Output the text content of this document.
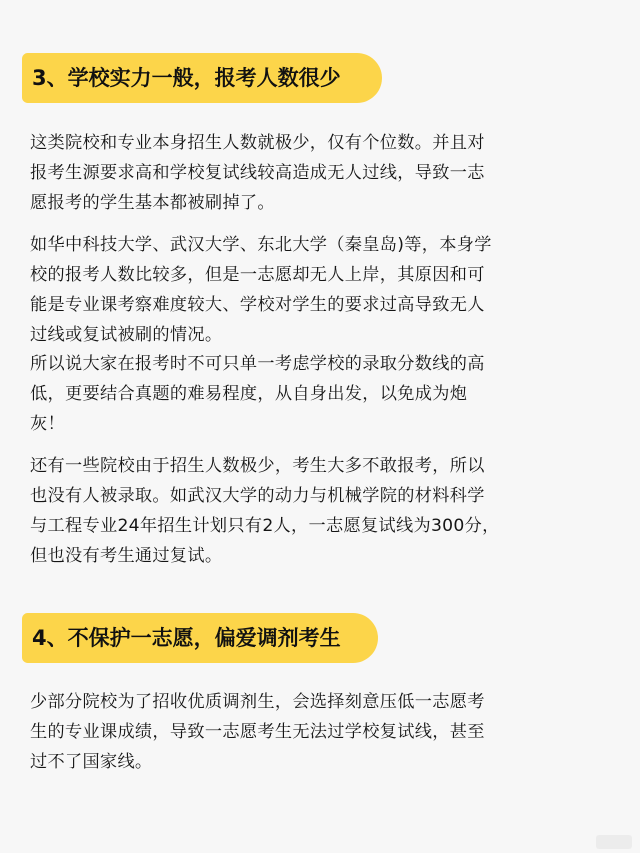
3、学校实力一般，报考人数很少
这类院校和专业本身招生人数就极少，仅有个位数。并且对
报考生源要求高和学校复试线较高造成无人过线，导致一志
愿报考的学生基本都被刷掉了。
如华中科技大学、武汉大学、东北大学（秦皇岛)等，本身学
校的报考人数比较多，但是一志愿却无人上岸，其原因和可
能是专业课考察难度较大、学校对学生的要求过高导致无人
过线或复试被刷的情况。
所以说大家在报考时不可只单一考虑学校的录取分数线的高
低，更要结合真题的难易程度，从自身出发，以免成为炮
灰！
还有一些院校由于招生人数极少，考生大多不敢报考，所以
也没有人被录取。如武汉大学的动力与机械学院的材料科学
与工程专业24年招生计划只有2人，一志愿复试线为300分，
但也没有考生通过复试。
4、不保护一志愿，偏爱调剂考生
少部分院校为了招收优质调剂生，会选择刻意压低一志愿考
生的专业课成绩，导致一志愿考生无法过学校复试线，甚至
过不了国家线。
